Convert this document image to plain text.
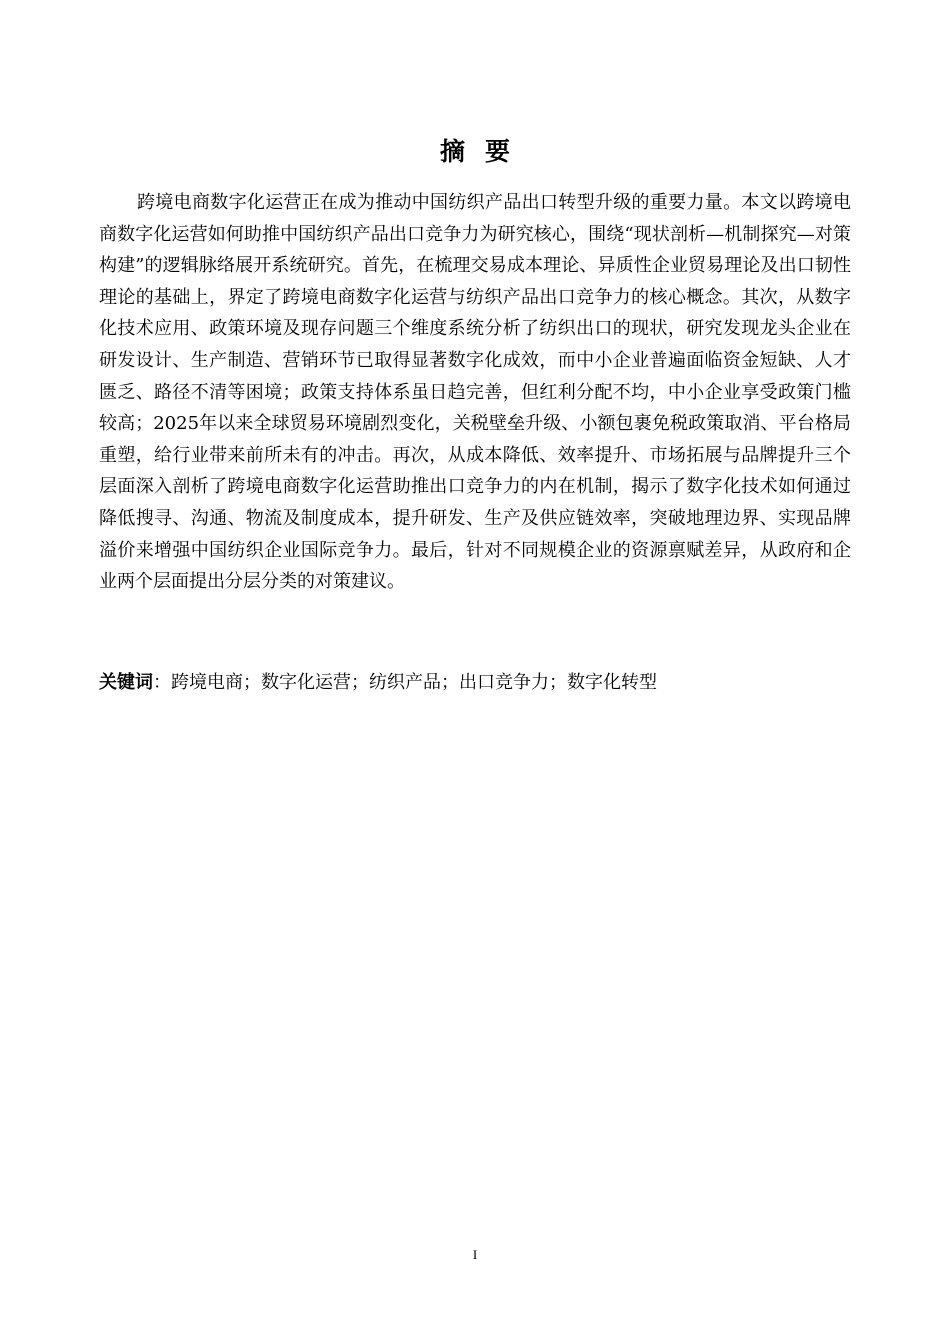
摘要

跨境电商数字化运营正在成为推动中国纺织产品出口转型升级的重要力量。本文以跨境电商数字化运营如何助推中国纺织产品出口竞争力为研究核心，围绕“现状剖析—机制探究—对策构建”的逻辑脉络展开系统研究。首先，在梳理交易成本理论、异质性企业贸易理论及出口韧性理论的基础上，界定了跨境电商数字化运营与纺织产品出口竞争力的核心概念。其次，从数字化技术应用、政策环境及现存问题三个维度系统分析了纺织出口的现状，研究发现龙头企业在研发设计、生产制造、营销环节已取得显著数字化成效，而中小企业普遍面临资金短缺、人才匮乏、路径不清等困境；政策支持体系虽日趋完善，但红利分配不均，中小企业享受政策门槛较高；2025年以来全球贸易环境剧烈变化，关税壁垒升级、小额包裹免税政策取消、平台格局重塑，给行业带来前所未有的冲击。再次，从成本降低、效率提升、市场拓展与品牌提升三个层面深入剖析了跨境电商数字化运营助推出口竞争力的内在机制，揭示了数字化技术如何通过降低搜寻、沟通、物流及制度成本，提升研发、生产及供应链效率，突破地理边界、实现品牌溢价来增强中国纺织企业国际竞争力。最后，针对不同规模企业的资源禀赋差异，从政府和企业两个层面提出分层分类的对策建议。

关键词：跨境电商；数字化运营；纺织产品；出口竞争力；数字化转型
I
